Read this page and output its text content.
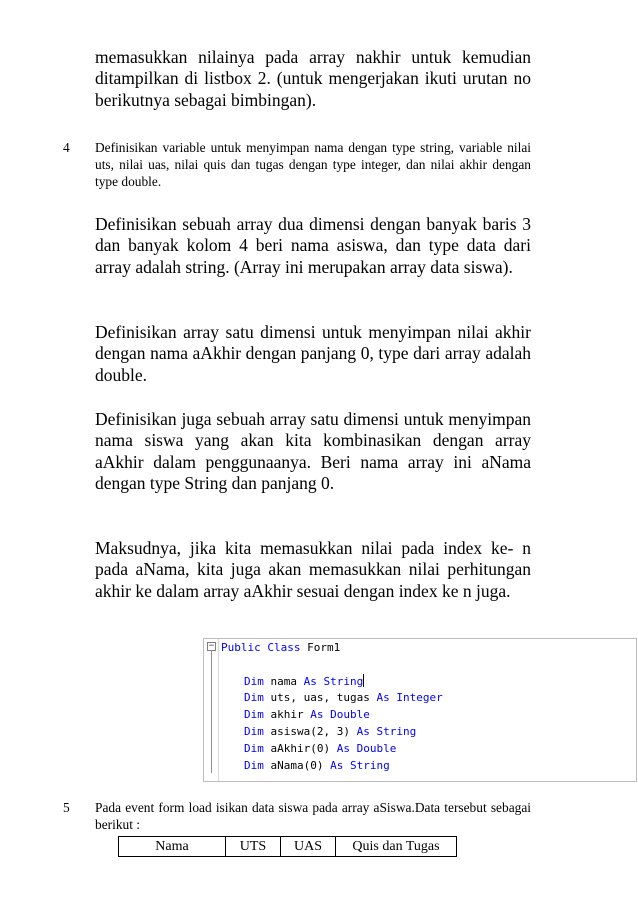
memasukkan nilainya pada array nakhir untuk kemudian ditampilkan di listbox 2. (untuk mengerjakan ikuti urutan no berikutnya sebagai bimbingan).

4 Definisikan variable untuk menyimpan nama dengan type string, variable nilai uts, nilai uas, nilai quis dan tugas dengan type integer, dan nilai akhir dengan type double.

Definisikan sebuah array dua dimensi dengan banyak baris 3 dan banyak kolom 4 beri nama asiswa, dan type data dari array adalah string. (Array ini merupakan array data siswa).

Definisikan array satu dimensi untuk menyimpan nilai akhir dengan nama aAkhir dengan panjang 0, type dari array adalah double.

Definisikan juga sebuah array satu dimensi untuk menyimpan nama siswa yang akan kita kombinasikan dengan array aAkhir dalam penggunaanya. Beri nama array ini aNama dengan type String dan panjang 0.

Maksudnya, jika kita memasukkan nilai pada index ke- n pada aNama, kita juga akan memasukkan nilai perhitungan akhir ke dalam array aAkhir sesuai dengan index ke n juga.

− Public Class Form1
Dim nama As String
Dim uts, uas, tugas As Integer
Dim akhir As Double
Dim asiswa(2, 3) As String
Dim aAkhir(0) As Double
Dim aNama(0) As String
5 Pada event form load isikan data siswa pada array aSiswa.Data tersebut sebagai berikut :

Nama	UTS	UAS	Quis dan Tugas
